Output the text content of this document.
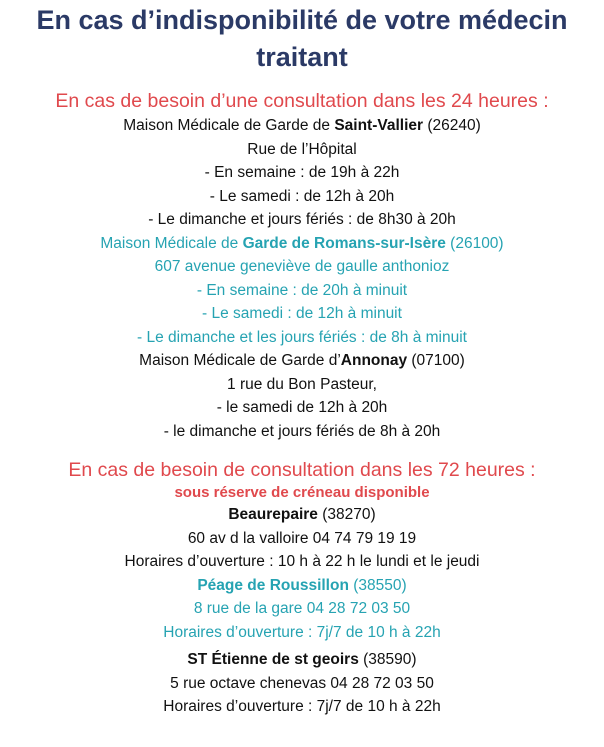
En cas d’indisponibilité de votre médecin
traitant
En cas de besoin d’une consultation dans les 24 heures :
Maison Médicale de Garde de Saint-Vallier (26240)
Rue de l’Hôpital
- En semaine : de 19h à 22h
- Le samedi : de 12h à 20h
- Le dimanche et jours fériés : de 8h30 à 20h
Maison Médicale de Garde de Romans-sur-Isère (26100)
607 avenue geneviève de gaulle anthonioz
- En semaine : de 20h à minuit
- Le samedi : de 12h à minuit
- Le dimanche et les jours fériés : de 8h à minuit
Maison Médicale de Garde d’Annonay (07100)
1 rue du Bon Pasteur,
- le samedi de 12h à 20h
- le dimanche et jours fériés de 8h à 20h
En cas de besoin de consultation dans les 72 heures :
sous réserve de créneau disponible
Beaurepaire (38270)
60 av d la valloire 04 74 79 19 19
Horaires d’ouverture : 10 h à 22 h le lundi et le jeudi
Péage de Roussillon (38550)
8 rue de la gare 04 28 72 03 50
Horaires d’ouverture : 7j/7 de 10 h à 22h
ST Étienne de st geoirs (38590)
5 rue octave chenevas 04 28 72 03 50
Horaires d’ouverture : 7j/7 de 10 h à 22h
